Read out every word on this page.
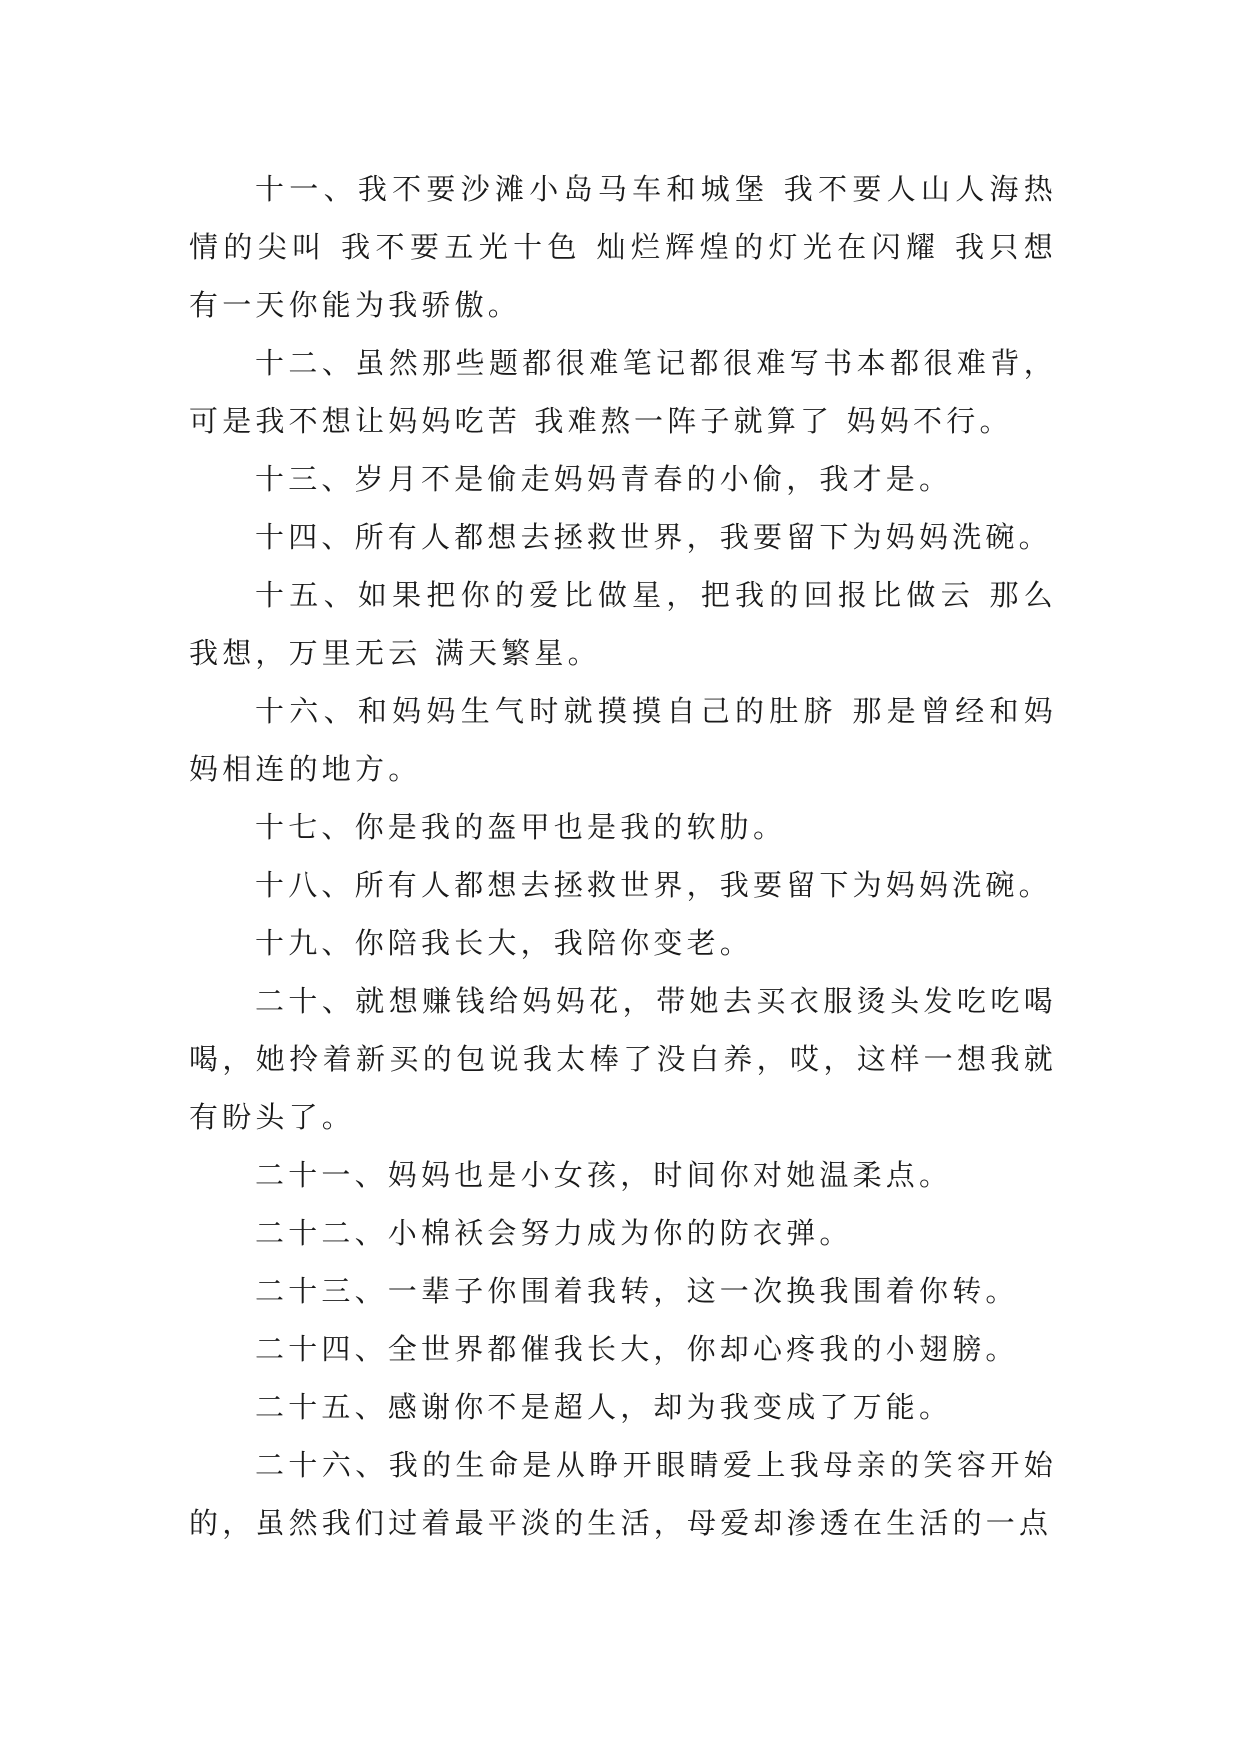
十一、我不要沙滩小岛马车和城堡 我不要人山人海热情的尖叫 我不要五光十色 灿烂辉煌的灯光在闪耀 我只想有一天你能为我骄傲。

十二、虽然那些题都很难笔记都很难写书本都很难背，可是我不想让妈妈吃苦 我难熬一阵子就算了 妈妈不行。

十三、岁月不是偷走妈妈青春的小偷，我才是。

十四、所有人都想去拯救世界，我要留下为妈妈洗碗。

十五、如果把你的爱比做星，把我的回报比做云 那么我想，万里无云 满天繁星。

十六、和妈妈生气时就摸摸自己的肚脐 那是曾经和妈妈相连的地方。

十七、你是我的盔甲也是我的软肋。

十八、所有人都想去拯救世界，我要留下为妈妈洗碗。

十九、你陪我长大，我陪你变老。

二十、就想赚钱给妈妈花，带她去买衣服烫头发吃吃喝喝，她拎着新买的包说我太棒了没白养，哎，这样一想我就有盼头了。

二十一、妈妈也是小女孩，时间你对她温柔点。

二十二、小棉袄会努力成为你的防衣弹。

二十三、一辈子你围着我转，这一次换我围着你转。

二十四、全世界都催我长大，你却心疼我的小翅膀。

二十五、感谢你不是超人，却为我变成了万能。

二十六、我的生命是从睁开眼睛爱上我母亲的笑容开始的，虽然我们过着最平淡的生活，母爱却渗透在生活的一点
